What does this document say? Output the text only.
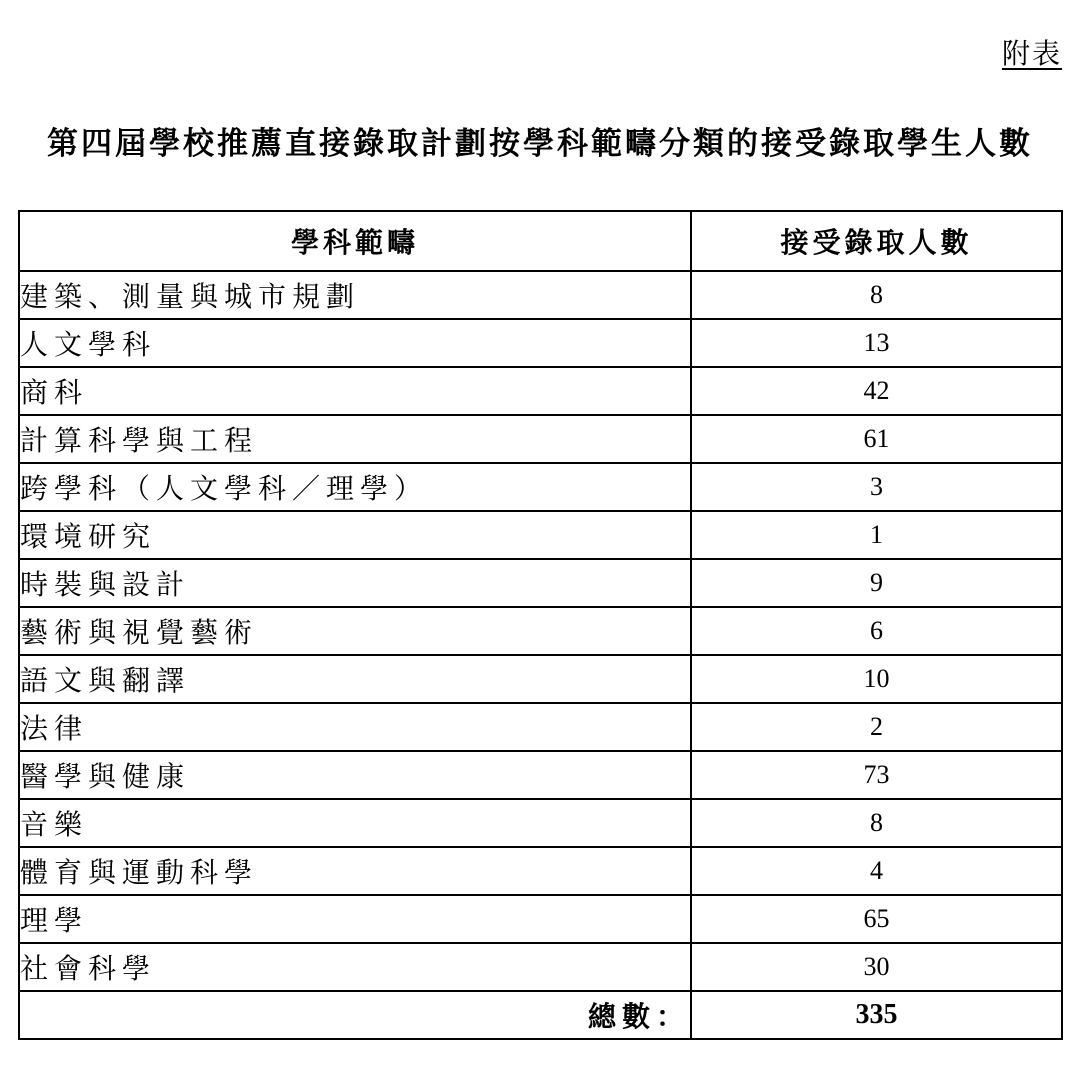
附表
第四屆學校推薦直接錄取計劃按學科範疇分類的接受錄取學生人數
學科範疇	接受錄取人數
建築、測量與城市規劃	8
人文學科	13
商科	42
計算科學與工程	61
跨學科（人文學科／理學）	3
環境研究	1
時裝與設計	9
藝術與視覺藝術	6
語文與翻譯	10
法律	2
醫學與健康	73
音樂	8
體育與運動科學	4
理學	65
社會科學	30
總數：	335
